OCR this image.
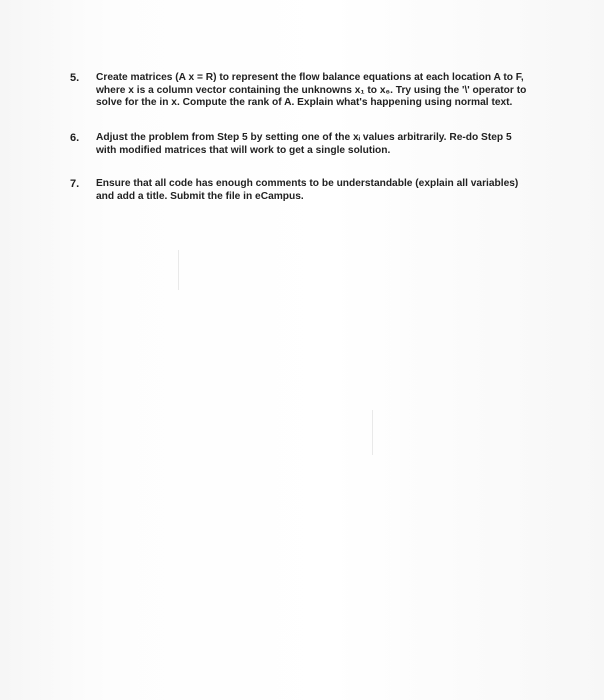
5. Create matrices (A x = R) to represent the flow balance equations at each location A to F,
where x is a column vector containing the unknowns x₁ to x₆. Try using the '\' operator to
solve for the in x. Compute the rank of A. Explain what's happening using normal text.
6. Adjust the problem from Step 5 by setting one of the xᵢ values arbitrarily. Re-do Step 5
with modified matrices that will work to get a single solution.
7. Ensure that all code has enough comments to be understandable (explain all variables)
and add a title. Submit the file in eCampus.
